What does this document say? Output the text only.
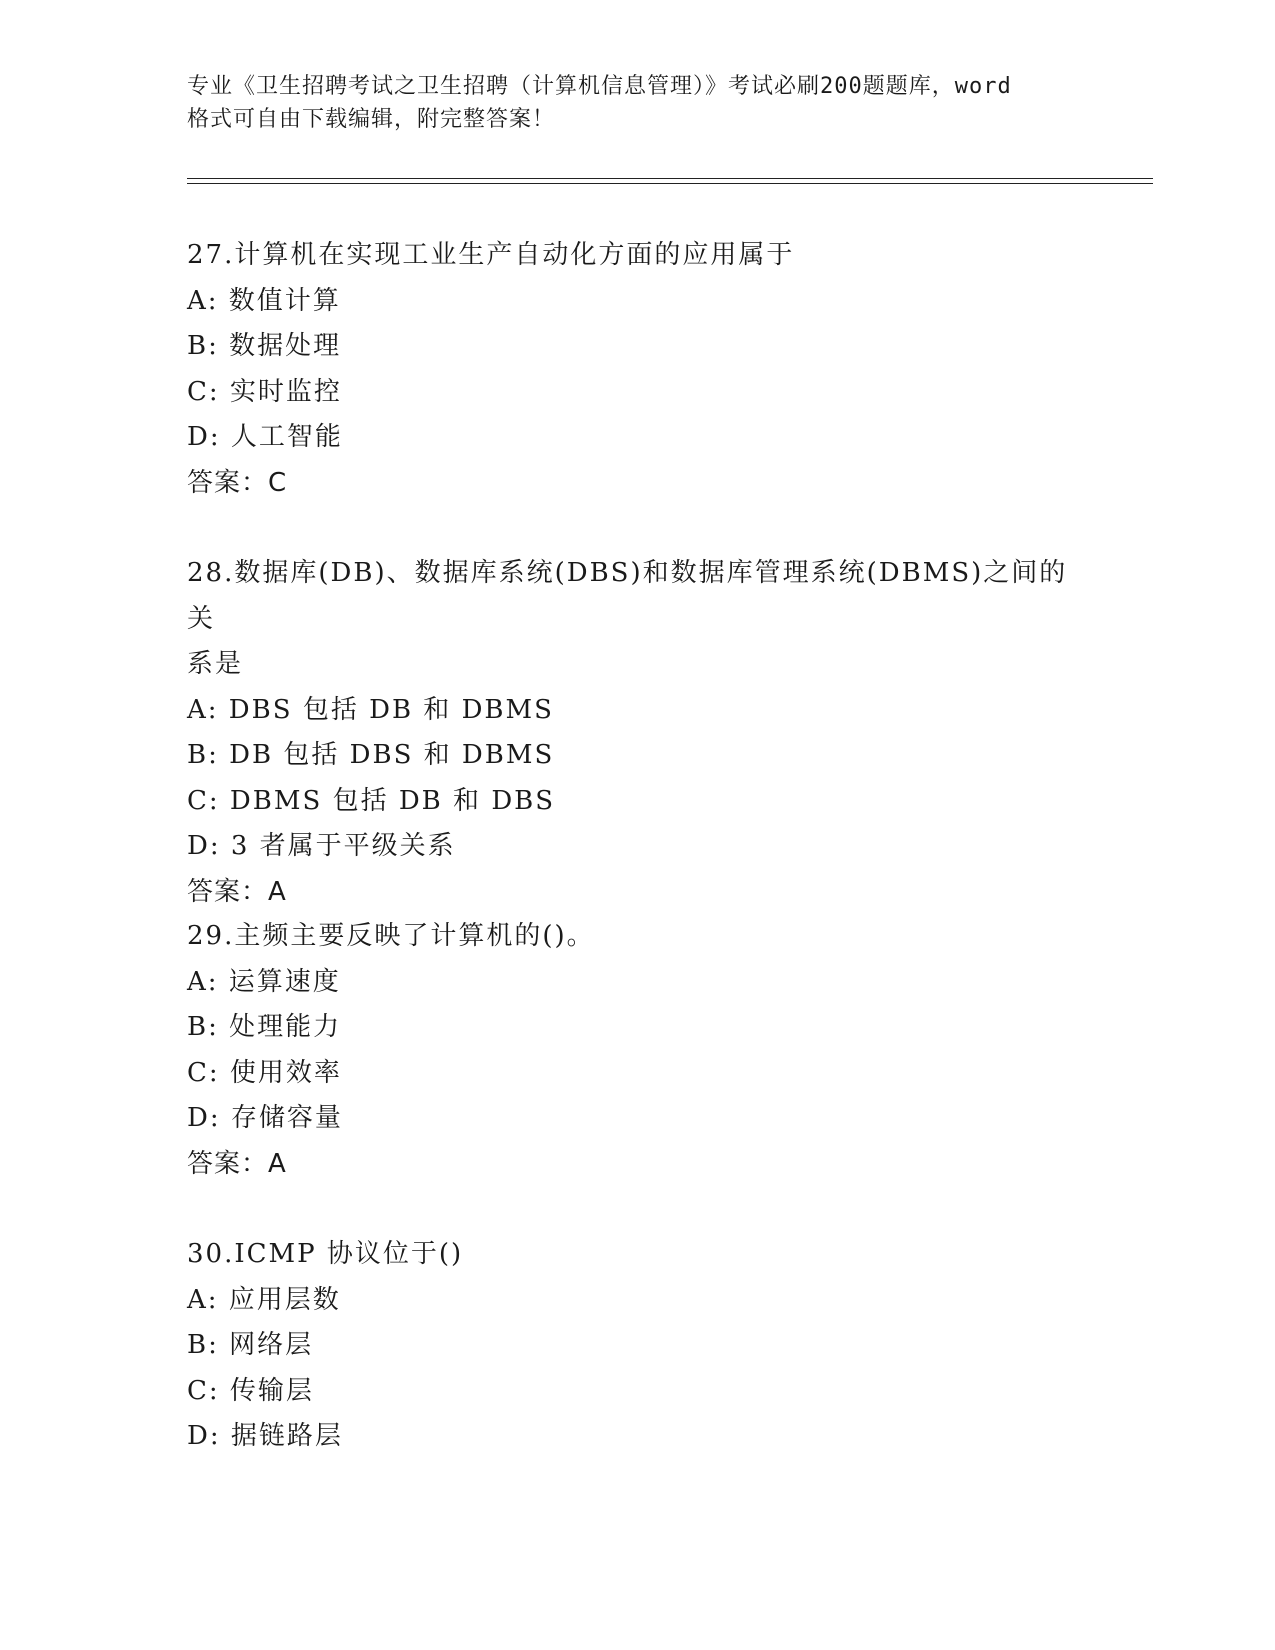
专业《卫生招聘考试之卫生招聘（计算机信息管理）》考试必刷200题题库，word
格式可自由下载编辑，附完整答案！
27.计算机在实现工业生产自动化方面的应用属于
A: 数值计算
B: 数据处理
C: 实时监控
D: 人工智能
答案：C
28.数据库(DB)、数据库系统(DBS)和数据库管理系统(DBMS)之间的关
系是
A: DBS 包括 DB 和 DBMS
B: DB 包括 DBS 和 DBMS
C: DBMS 包括 DB 和 DBS
D: 3 者属于平级关系
答案：A
29.主频主要反映了计算机的()。
A: 运算速度
B: 处理能力
C: 使用效率
D: 存储容量
答案：A
30.ICMP 协议位于()
A: 应用层数
B: 网络层
C: 传输层
D: 据链路层
